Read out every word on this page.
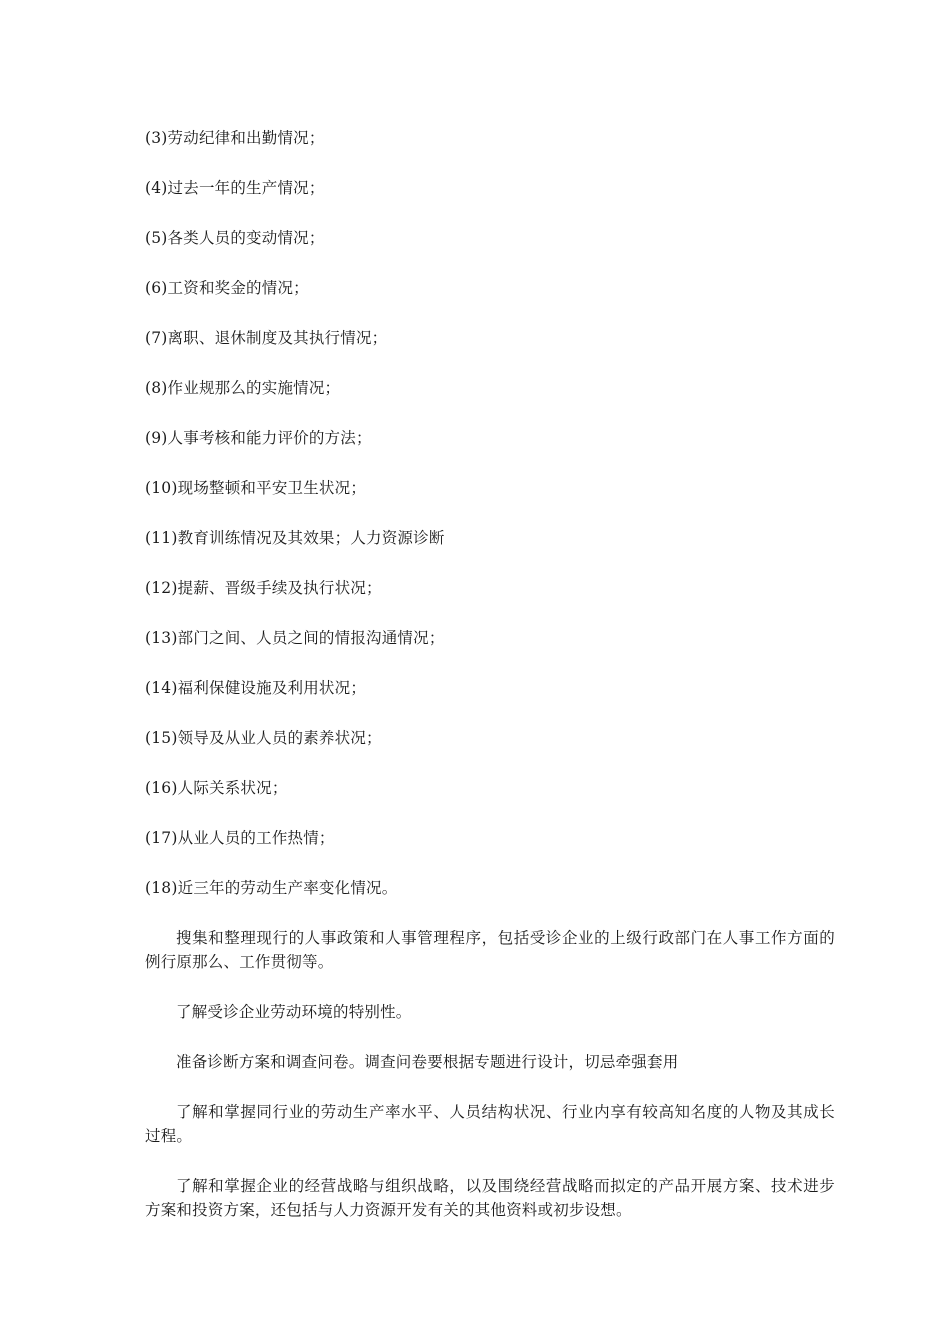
(3)劳动纪律和出勤情况；

(4)过去一年的生产情况；

(5)各类人员的变动情况；

(6)工资和奖金的情况；

(7)离职、退休制度及其执行情况；

(8)作业规那么的实施情况；

(9)人事考核和能力评价的方法；

(10)现场整顿和平安卫生状况；

(11)教育训练情况及其效果；人力资源诊断

(12)提薪、晋级手续及执行状况；

(13)部门之间、人员之间的情报沟通情况；

(14)福利保健设施及利用状况；

(15)领导及从业人员的素养状况；

(16)人际关系状况；

(17)从业人员的工作热情；

(18)近三年的劳动生产率变化情况。

搜集和整理现行的人事政策和人事管理程序，包括受诊企业的上级行政部门在人事工作方面的例行原那么、工作贯彻等。

了解受诊企业劳动环境的特别性。

准备诊断方案和调查问卷。调查问卷要根据专题进行设计，切忌牵强套用

了解和掌握同行业的劳动生产率水平、人员结构状况、行业内享有较高知名度的人物及其成长过程。

了解和掌握企业的经营战略与组织战略，以及围绕经营战略而拟定的产品开展方案、技术进步方案和投资方案，还包括与人力资源开发有关的其他资料或初步设想。
